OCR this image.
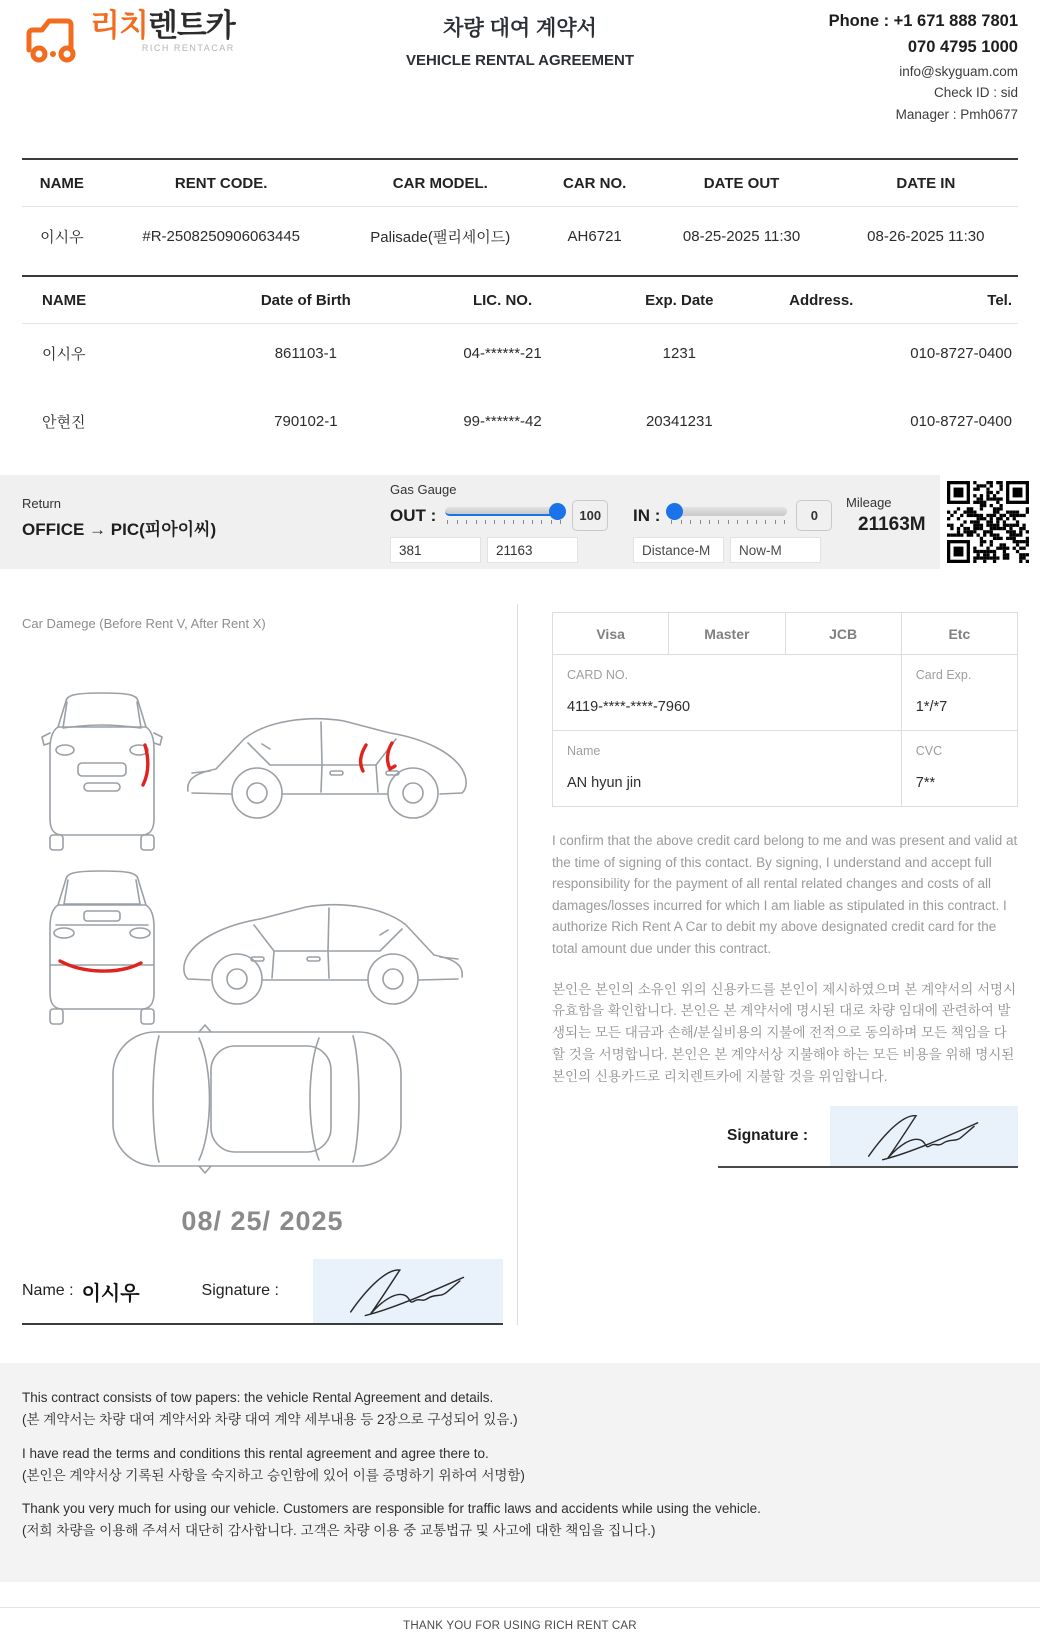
리치렌트카
RICH RENTACAR
차량 대여 계약서
VEHICLE RENTAL AGREEMENT
Phone : +1 671 888 7801
070 4795 1000
info@skyguam.com
Check ID : sid
Manager : Pmh0677
NAME	RENT CODE.	CAR MODEL.	CAR NO.	DATE OUT	DATE IN
이시우	#R-2508250906063445	Palisade(팰리세이드)	AH6721	08-25-2025 11:30	08-26-2025 11:30
NAME	Date of Birth	LIC. NO.	Exp. Date	Address.	Tel.
이시우	861103-1	04-******-21	1231		010-8727-0400
안현진	790102-1	99-******-42	20341231		010-8727-0400
Return
OFFICE → PIC(피아이씨)
Gas Gauge
OUT :	100
381
21163	IN :	0
Distance-M
Now-M
Mileage
21163M
Car Damege (Before Rent V, After Rent X)
08/ 25/ 2025
Name : 이시우	Signature :
Visa	Master	JCB	Etc

CARD NO.
4119-****-****-7960

Card Exp.
1*/*7

Name
AN hyun jin

CVC
7**

I confirm that the above credit card belong to me and was present and valid at the time of signing of this contact. By signing, I understand and accept full responsibility for the payment of all rental related changes and costs of all damages/losses incurred for which I am liable as stipulated in this contract. I authorize Rich Rent A Car to debit my above designated credit card for the total amount due under this contract.

본인은 본인의 소유인 위의 신용카드를 본인이 제시하였으며 본 계약서의 서명시 유효함을 확인합니다. 본인은 본 계약서에 명시된 대로 차량 임대에 관련하여 발생되는 모든 대금과 손해/분실비용의 지불에 전적으로 동의하며 모든 책임을 다할 것을 서명합니다. 본인은 본 계약서상 지불해야 하는 모든 비용을 위해 명시된 본인의 신용카드로 리치렌트카에 지불할 것을 위임합니다.

Signature :

This contract consists of tow papers: the vehicle Rental Agreement and details.

(본 계약서는 차량 대여 계약서와 차량 대여 계약 세부내용 등 2장으로 구성되어 있음.)

I have read the terms and conditions this rental agreement and agree there to.

(본인은 계약서상 기록된 사항을 숙지하고 승인함에 있어 이를 증명하기 위하여 서명함)

Thank you very much for using our vehicle. Customers are responsible for traffic laws and accidents while using the vehicle.

(저희 차량을 이용해 주셔서 대단히 감사합니다. 고객은 차량 이용 중 교통법규 및 사고에 대한 책임을 집니다.)

THANK YOU FOR USING RICH RENT CAR
